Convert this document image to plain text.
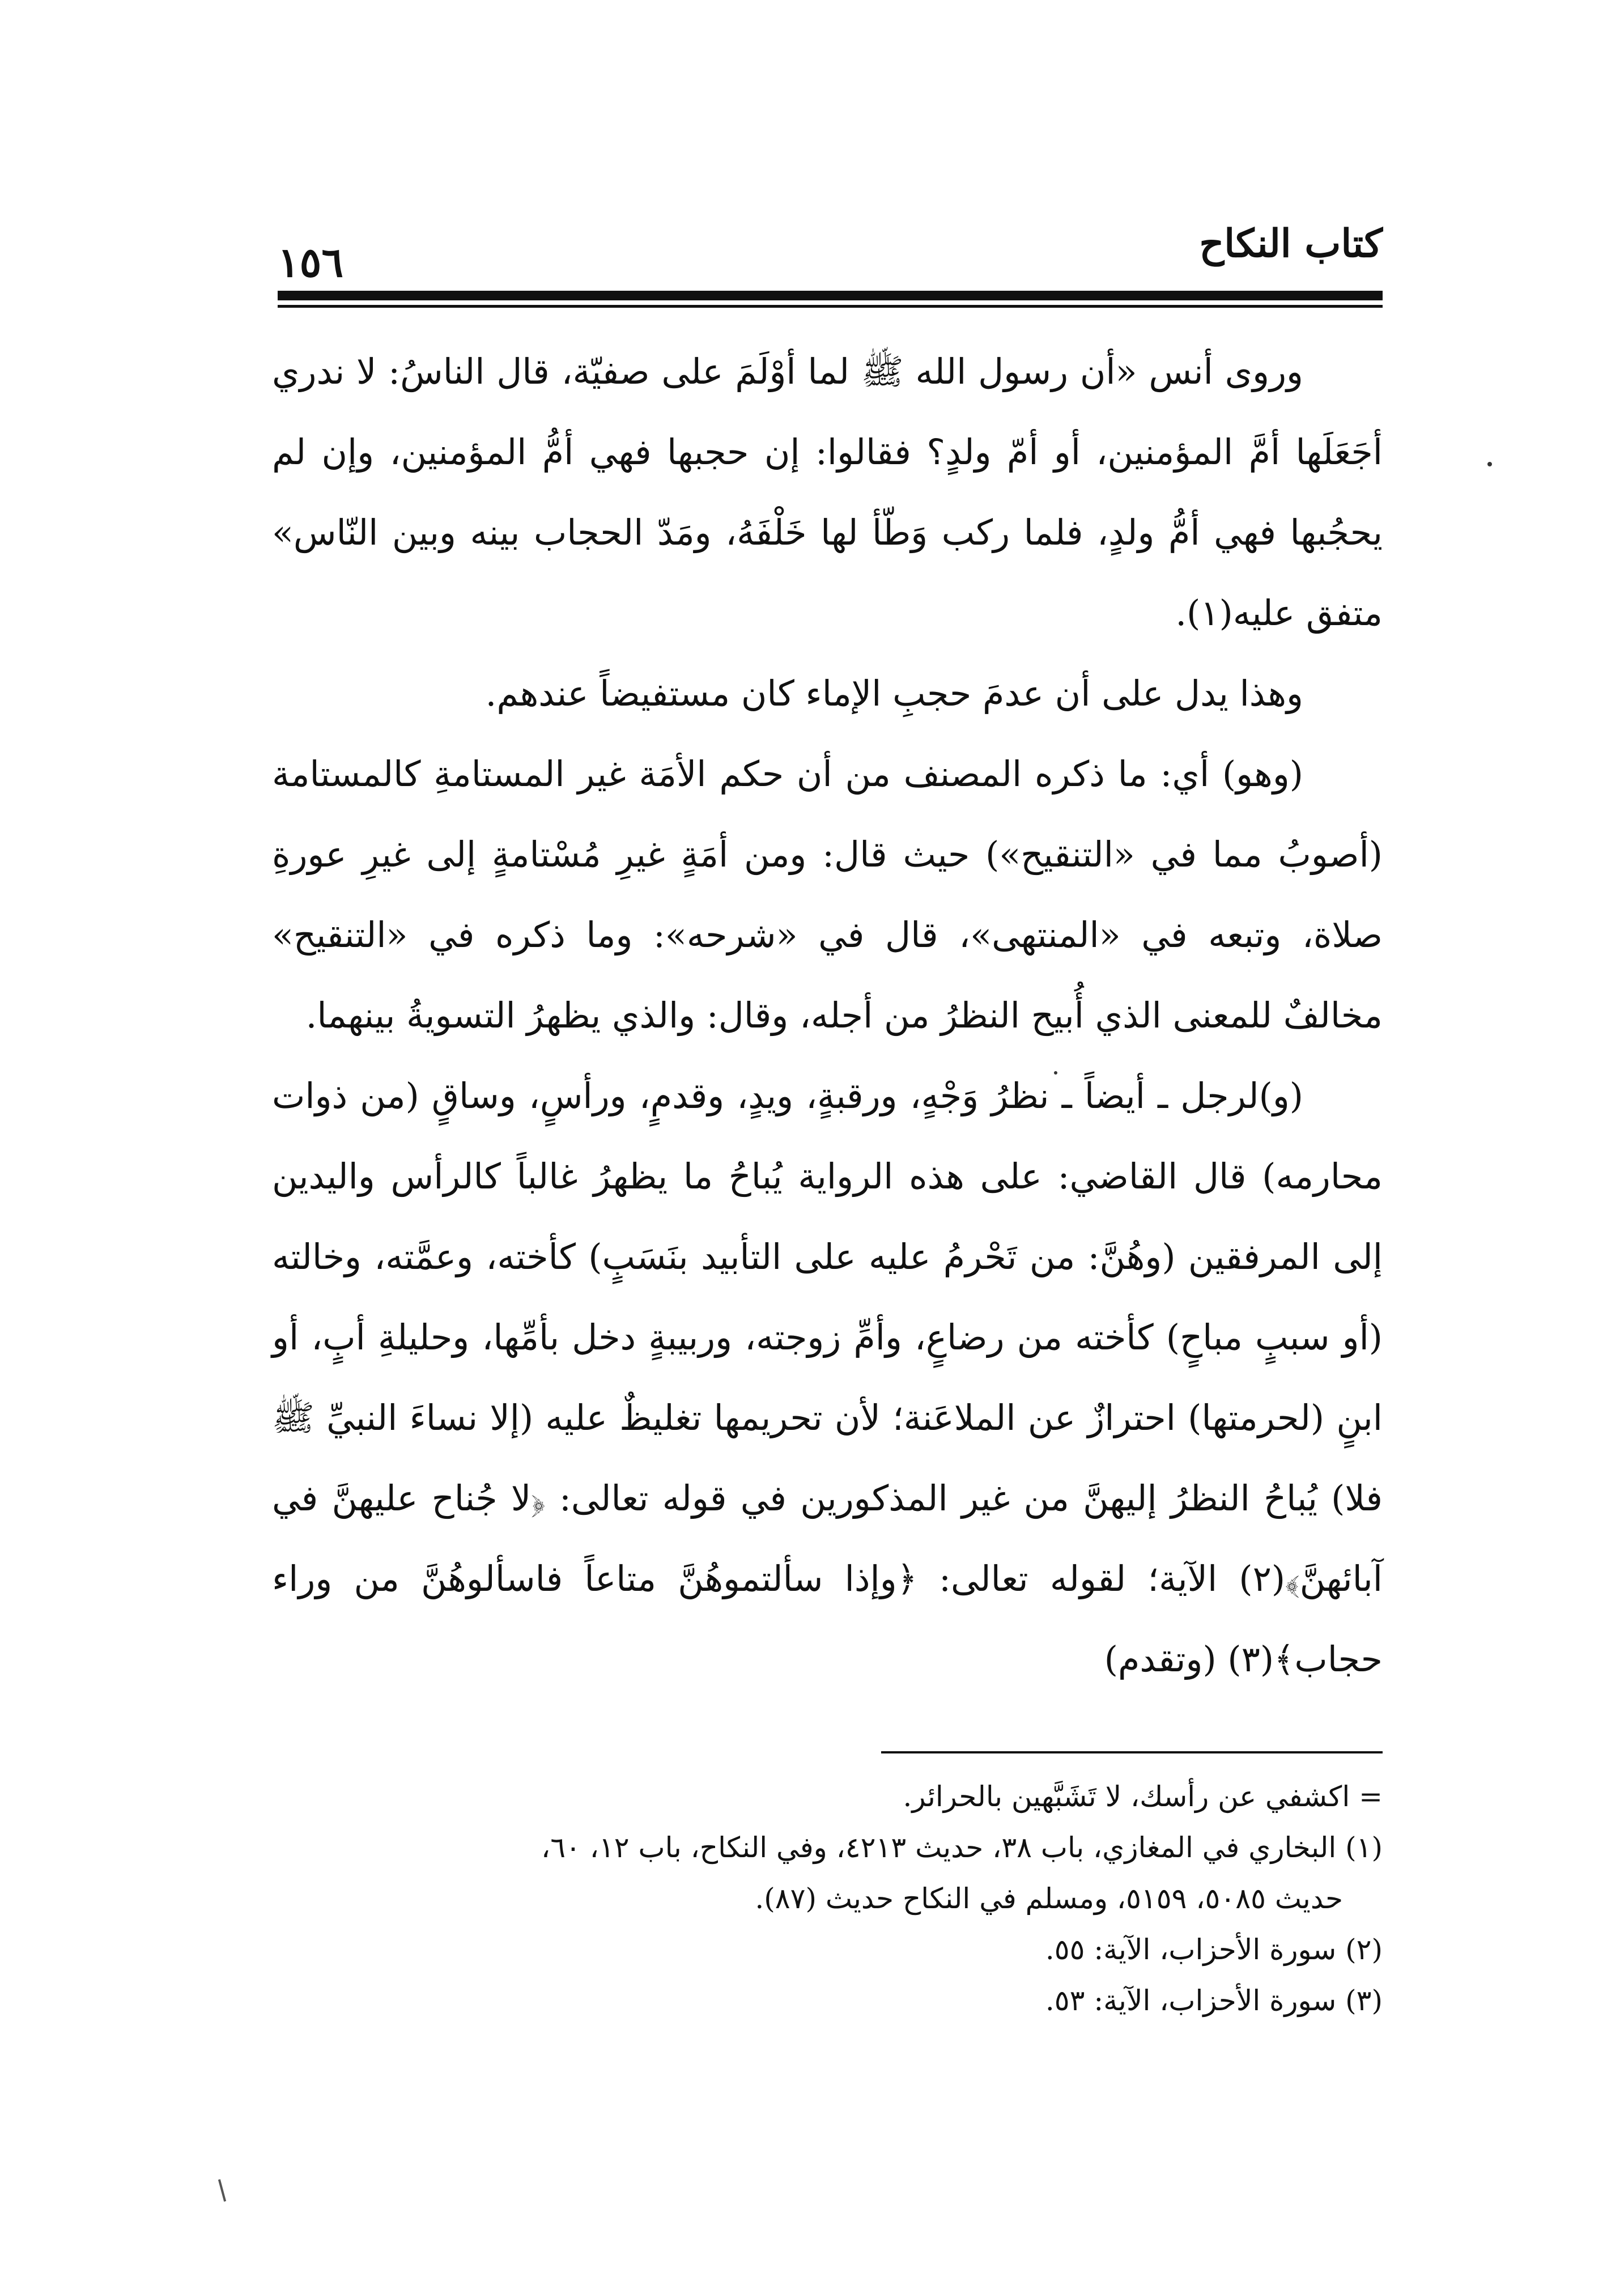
١٥٦	كتاب النكاح

وروى أنس «أن رسول الله ﷺ لما أوْلَمَ على صفيّة، قال الناسُ: لا ندري أجَعَلَها أمَّ المؤمنين، أو أمّ ولدٍ؟ فقالوا: إن حجبها فهي أمُّ المؤمنين، وإن لم يحجُبها فهي أمُّ ولدٍ، فلما ركب وَطّأ لها خَلْفَهُ، ومَدّ الحجاب بينه وبين النّاس» متفق عليه(١).

وهذا يدل على أن عدمَ حجبِ الإماء كان مستفيضاً عندهم.

(وهو) أي: ما ذكره المصنف من أن حكم الأمَة غير المستامةِ كالمستامة (أصوبُ مما في «التنقيح») حيث قال: ومن أمَةٍ غيرِ مُسْتامةٍ إلى غيرِ عورةِ صلاة، وتبعه في «المنتهى»، قال في «شرحه»: وما ذكره في «التنقيح» مخالفٌ للمعنى الذي أُبيح النظرُ من أجله، وقال: والذي يظهرُ التسويةُ بينهما.

(و)لرجل ـ أيضاً ـ نظرُ وَجْهٍ، ورقبةٍ، ويدٍ، وقدمٍ، ورأسٍ، وساقٍ (من ذوات محارمه) قال القاضي: على هذه الرواية يُباحُ ما يظهرُ غالباً كالرأس واليدين إلى المرفقين (وهُنَّ: من تَحْرمُ عليه على التأبيد بنَسَبٍ) كأخته، وعمَّته، وخالته (أو سببٍ مباحٍ) كأخته من رضاعٍ، وأمِّ زوجته، وربيبةٍ دخل بأمِّها، وحليلةِ أبٍ، أو ابنٍ (لحرمتها) احترازٌ عن الملاعَنة؛ لأن تحريمها تغليظٌ عليه (إلا نساءَ النبيِّ ﷺ فلا) يُباحُ النظرُ إليهنَّ من غير المذكورين في قوله تعالى: ﴿لا جُناح عليهنَّ في آبائهنَّ﴾(٢) الآية؛ لقوله تعالى: ﴿وإذا سألتموهُنَّ متاعاً فاسألوهُنَّ من وراء حجاب﴾(٣) (وتقدم)

= اكشفي عن رأسك، لا تَشَبَّهين بالحرائر.

(١) البخاري في المغازي، باب ٣٨، حديث ٤٢١٣، وفي النكاح، باب ١٢، ٦٠،

حديث ٥٠٨٥، ٥١٥٩، ومسلم في النكاح حديث (٨٧).

(٢) سورة الأحزاب، الآية: ٥٥.

(٣) سورة الأحزاب، الآية: ٥٣.
